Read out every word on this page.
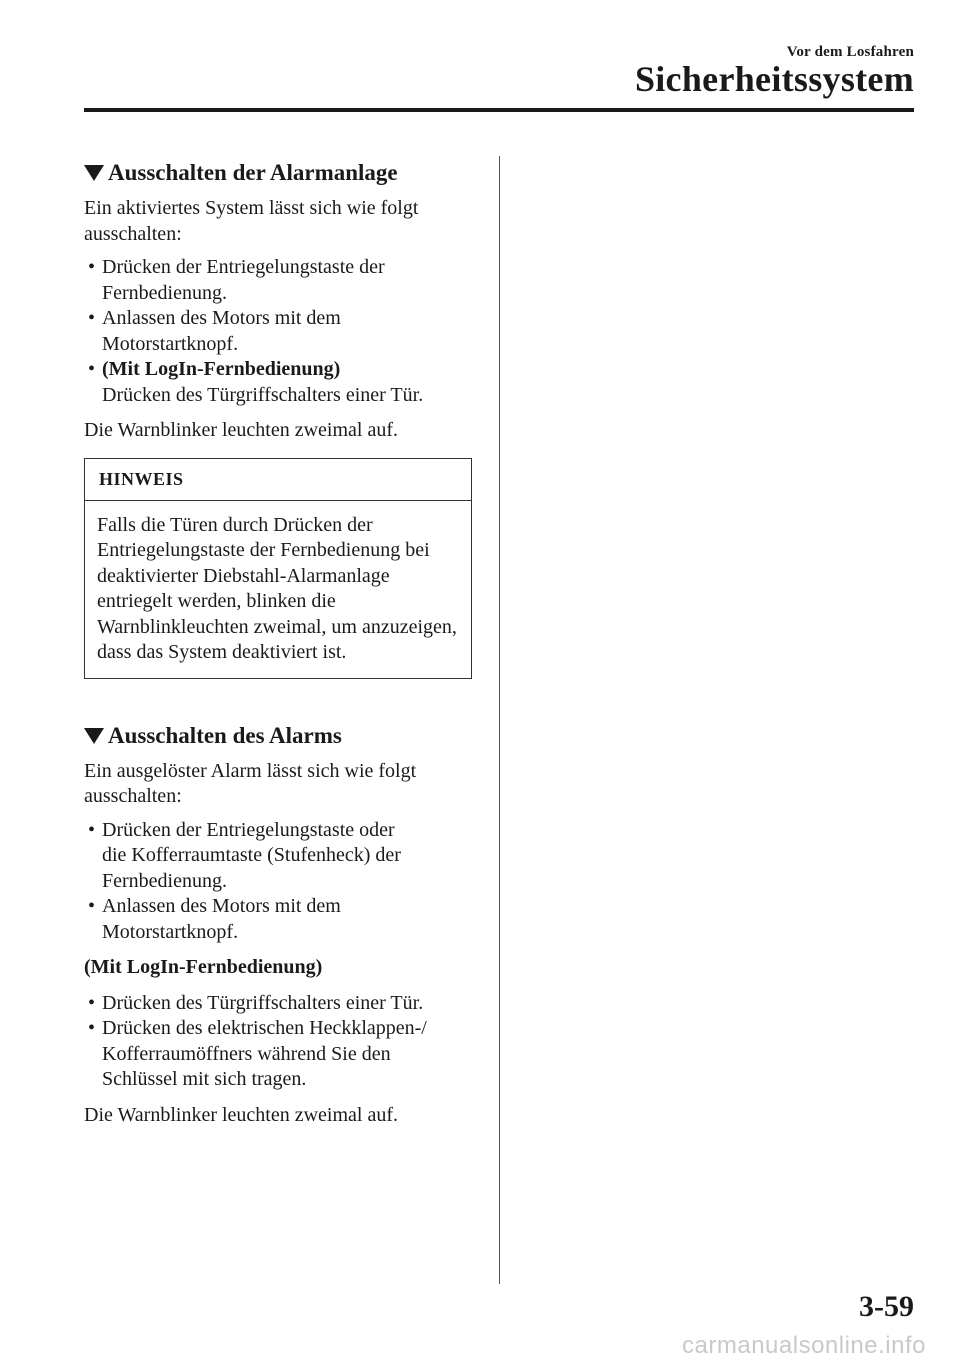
Vor dem Losfahren
Sicherheitssystem
Ausschalten der Alarmanlage

Ein aktiviertes System lässt sich wie folgt ausschalten:

• Drücken der Entriegelungstaste der
Fernbedienung.
• Anlassen des Motors mit dem
Motorstartknopf.
• (Mit LogIn-Fernbedienung)
Drücken des Türgriffschalters einer Tür.

Die Warnblinker leuchten zweimal auf.

HINWEIS
Falls die Türen durch Drücken der Entriegelungstaste der Fernbedienung bei deaktivierter Diebstahl-Alarmanlage entriegelt werden, blinken die Warnblinkleuchten zweimal, um anzuzeigen, dass das System deaktiviert ist.
Ausschalten des Alarms

Ein ausgelöster Alarm lässt sich wie folgt ausschalten:

• Drücken der Entriegelungstaste oder
die Kofferraumtaste (Stufenheck) der
Fernbedienung.
• Anlassen des Motors mit dem
Motorstartknopf.
(Mit LogIn-Fernbedienung)
• Drücken des Türgriffschalters einer Tür.
• Drücken des elektrischen Heckklappen-/
Kofferraumöffners während Sie den
Schlüssel mit sich tragen.

Die Warnblinker leuchten zweimal auf.

3-59
carmanualsonline.info
